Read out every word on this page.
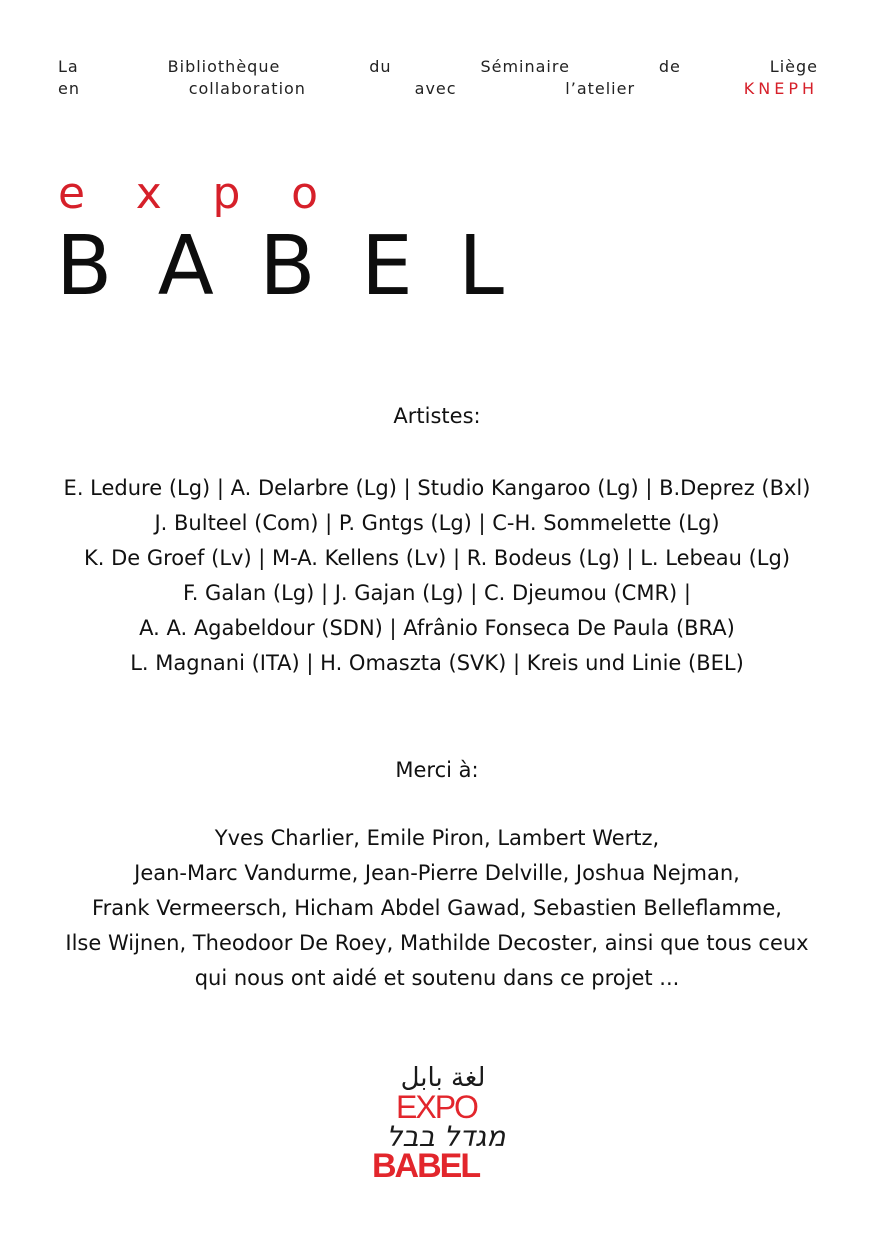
La	Bibliothèque	du	Séminaire	de	Liège
en	collaboration	avec	l’atelier	KNEPH
e x p o
B A B E L
Artistes:
E. Ledure (Lg) | A. Delarbre (Lg) | Studio Kangaroo (Lg) | B.Deprez (Bxl)
J. Bulteel (Com) | P. Gntgs (Lg) | C-H. Sommelette (Lg)
K. De Groef (Lv) | M-A. Kellens (Lv) | R. Bodeus (Lg) | L. Lebeau (Lg)
F. Galan (Lg) | J. Gajan (Lg) | C. Djeumou (CMR) |
A. A. Agabeldour (SDN) | Afrânio Fonseca De Paula (BRA)
L. Magnani (ITA) | H. Omaszta (SVK) | Kreis und Linie (BEL)
Merci à:
Yves Charlier, Emile Piron, Lambert Wertz,
Jean-Marc Vandurme, Jean-Pierre Delville, Joshua Nejman,
Frank Vermeersch, Hicham Abdel Gawad, Sebastien Belleflamme,
Ilse Wijnen, Theodoor De Roey, Mathilde Decoster, ainsi que tous ceux
qui nous ont aidé et soutenu dans ce projet ...
لغة بابل
EXPO
מגדל בבל
BABEL
